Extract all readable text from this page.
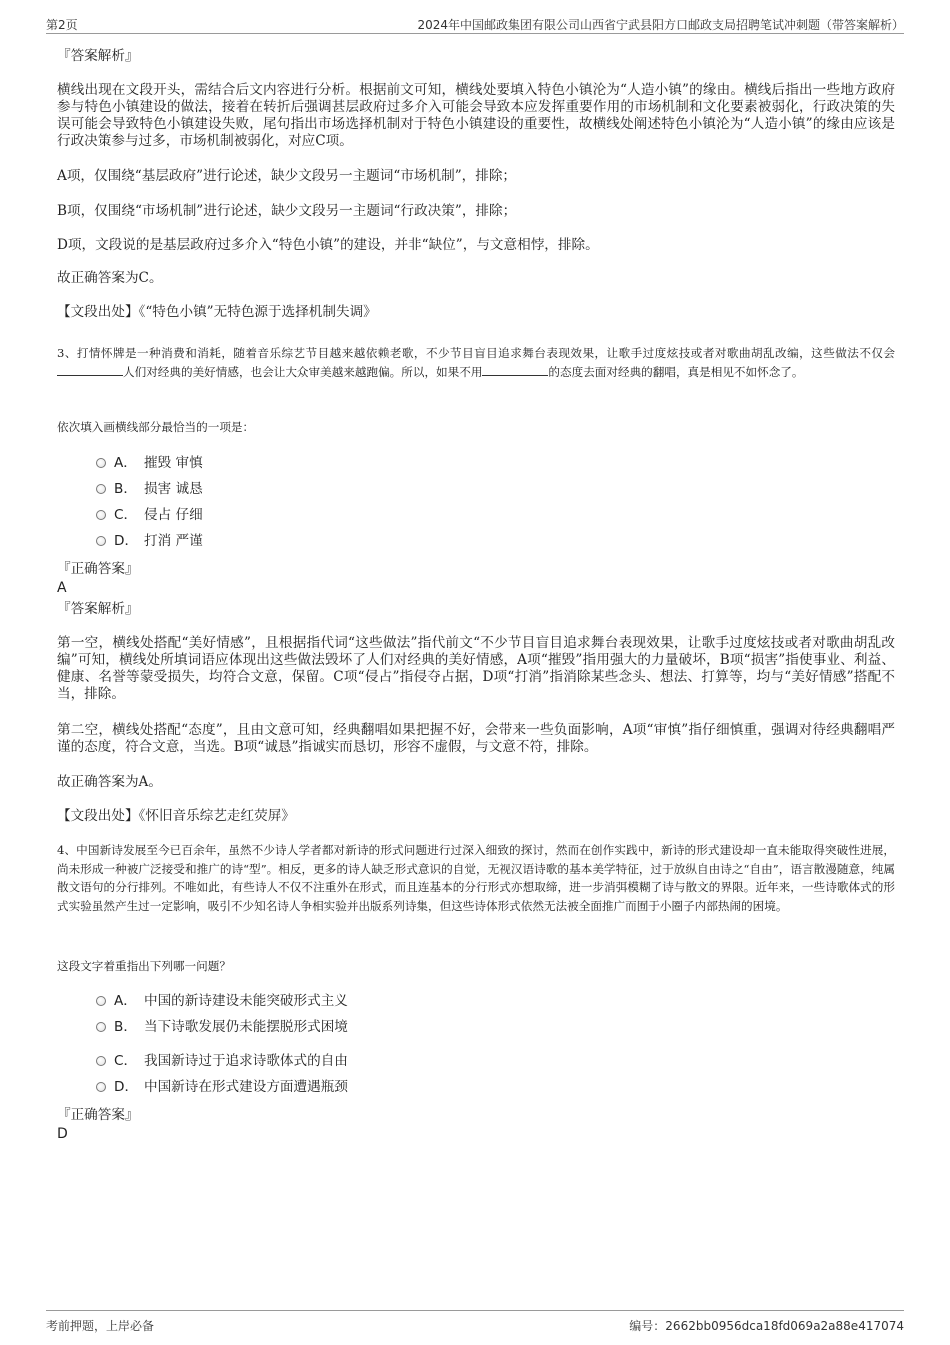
第2页	2024年中国邮政集团有限公司山西省宁武县阳方口邮政支局招聘笔试冲刺题（带答案解析）

『答案解析』

横线出现在文段开头，需结合后文内容进行分析。根据前文可知，横线处要填入特色小镇沦为“人造小镇”的缘由。横线后指出一些地方政府参与特色小镇建设的做法，接着在转折后强调甚层政府过多介入可能会导致本应发挥重要作用的市场机制和文化要素被弱化，行政决策的失误可能会导致特色小镇建设失败，尾句指出市场选择机制对于特色小镇建设的重要性，故横线处阐述特色小镇沦为“人造小镇”的缘由应该是行政决策参与过多，市场机制被弱化，对应C项。

A项，仅围绕“基层政府”进行论述，缺少文段另一主题词“市场机制”，排除；

B项，仅围绕“市场机制”进行论述，缺少文段另一主题词“行政决策”，排除；

D项，文段说的是基层政府过多介入“特色小镇”的建设，并非“缺位”，与文意相悖，排除。

故正确答案为C。

【文段出处】《“特色小镇”无特色源于选择机制失调》

3、打情怀牌是一种消费和消耗，随着音乐综艺节目越来越依赖老歌，不少节目盲目追求舞台表现效果，让歌手过度炫技或者对歌曲胡乱改编，这些做法不仅会人们对经典的美好情感，也会让大众审美越来越跑偏。所以，如果不用	的态度去面对经典的翻唱，真是相见不如怀念了。

依次填入画横线部分最恰当的一项是：

A． 摧毁 审慎
B． 损害 诚恳
C． 侵占 仔细
D． 打消 严谨

『正确答案』

A

『答案解析』

第一空，横线处搭配“美好情感”，且根据指代词“这些做法”指代前文“不少节目盲目追求舞台表现效果，让歌手过度炫技或者对歌曲胡乱改编”可知，横线处所填词语应体现出这些做法毁坏了人们对经典的美好情感，A项“摧毁”指用强大的力量破坏，B项“损害”指使事业、利益、健康、名誉等蒙受损失，均符合文意，保留。C项“侵占”指侵夺占据，D项“打消”指消除某些念头、想法、打算等，均与“美好情感”搭配不当，排除。

第二空，横线处搭配“态度”，且由文意可知，经典翻唱如果把握不好，会带来一些负面影响，A项“审慎”指仔细慎重，强调对待经典翻唱严谨的态度，符合文意，当选。B项“诚恳”指诚实而恳切，形容不虚假，与文意不符，排除。

故正确答案为A。

【文段出处】《怀旧音乐综艺走红荧屏》

4、中国新诗发展至今已百余年，虽然不少诗人学者都对新诗的形式问题进行过深入细致的探讨，然而在创作实践中，新诗的形式建设却一直未能取得突破性进展，尚未形成一种被广泛接受和推广的诗“型”。相反，更多的诗人缺乏形式意识的自觉，无视汉语诗歌的基本美学特征，过于放纵自由诗之“自由”，语言散漫随意，纯属散文语句的分行排列。不唯如此，有些诗人不仅不注重外在形式，而且连基本的分行形式亦想取缔，进一步消弭模糊了诗与散文的界限。近年来，一些诗歌体式的形式实验虽然产生过一定影响，吸引不少知名诗人争相实验并出版系列诗集，但这些诗体形式依然无法被全面推广而囿于小圈子内部热闹的困境。

这段文字着重指出下列哪一问题？

A． 中国的新诗建设未能突破形式主义
B． 当下诗歌发展仍未能摆脱形式困境
C． 我国新诗过于追求诗歌体式的自由
D． 中国新诗在形式建设方面遭遇瓶颈

『正确答案』

D

考前押题，上岸必备	编号：2662bb0956dca18fd069a2a88e417074
